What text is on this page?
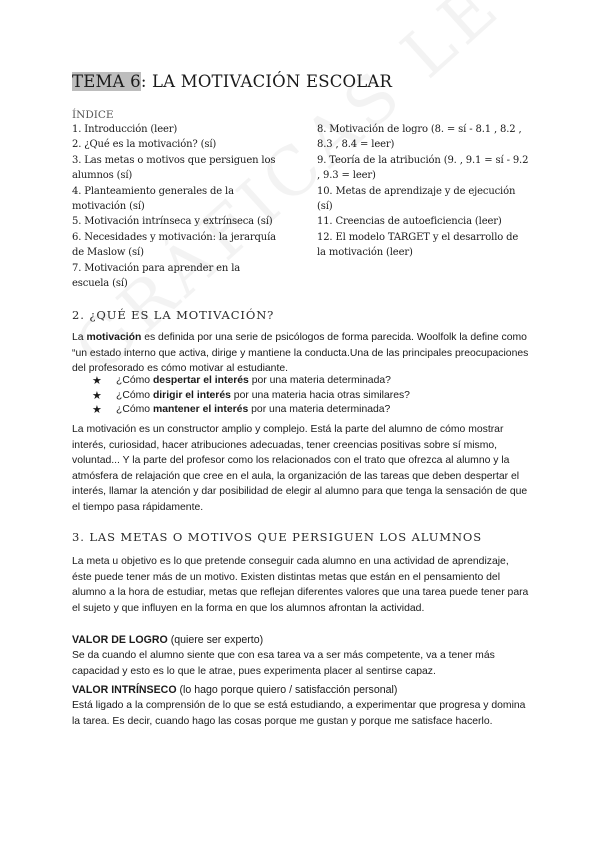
TEMA 6: LA MOTIVACIÓN ESCOLAR
ÍNDICE
1. Introducción (leer)
2. ¿Qué es la motivación? (sí)
3. Las metas o motivos que persiguen los alumnos (sí)
4. Planteamiento generales de la motivación (sí)
5. Motivación intrínseca y extrínseca (sí)
6. Necesidades y motivación: la jerarquía de Maslow (sí)
7. Motivación para aprender en la escuela (sí)
8. Motivación de logro (8. = sí - 8.1 , 8.2 , 8.3 , 8.4 = leer)
9. Teoría de la atribución (9. , 9.1 = sí - 9.2 , 9.3 = leer)
10. Metas de aprendizaje y de ejecución (sí)
11. Creencias de autoeficiencia (leer)
12. El modelo TARGET y el desarrollo de la motivación (leer)
2. ¿QUÉ ES LA MOTIVACIÓN?

La motivación es definida por una serie de psicólogos de forma parecida. Woolfolk la define como “un estado interno que activa, dirige y mantiene la conducta.Una de las principales preocupaciones del profesorado es cómo motivar al estudiante.

★ ¿Cómo despertar el interés por una materia determinada?
★ ¿Cómo dirigir el interés por una materia hacia otras similares?
★ ¿Cómo mantener el interés por una materia determinada?

La motivación es un constructor amplio y complejo. Está la parte del alumno de cómo mostrar interés, curiosidad, hacer atribuciones adecuadas, tener creencias positivas sobre sí mismo, voluntad... Y la parte del profesor como los relacionados con el trato que ofrezca al alumno y la atmósfera de relajación que cree en el aula, la organización de las tareas que deben despertar el interés, llamar la atención y dar posibilidad de elegir al alumno para que tenga la sensación de que el tiempo pasa rápidamente.

3. LAS METAS O MOTIVOS QUE PERSIGUEN LOS ALUMNOS

La meta u objetivo es lo que pretende conseguir cada alumno en una actividad de aprendizaje, éste puede tener más de un motivo. Existen distintas metas que están en el pensamiento del alumno a la hora de estudiar, metas que reflejan diferentes valores que una tarea puede tener para el sujeto y que influyen en la forma en que los alumnos afrontan la actividad.

VALOR DE LOGRO (quiere ser experto)

Se da cuando el alumno siente que con esa tarea va a ser más competente, va a tener más capacidad y esto es lo que le atrae, pues experimenta placer al sentirse capaz.

VALOR INTRÍNSECO (lo hago porque quiero / satisfacción personal)

Está ligado a la comprensión de lo que se está estudiando, a experimentar que progresa y domina la tarea. Es decir, cuando hago las cosas porque me gustan y porque me satisface hacerlo.
